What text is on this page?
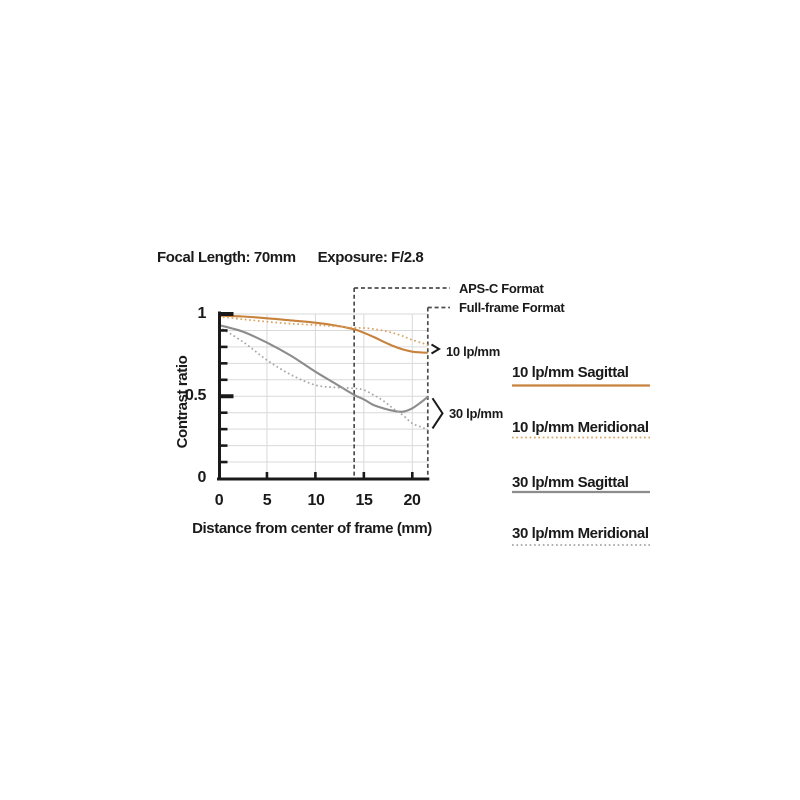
Focal Length: 70mm Exposure: F/2.8
Contrast ratio
Distance from center of frame (mm)
1
0.5
0
0	5	10	15	20
APS-C Format
Full-frame Format
10 lp/mm
30 lp/mm
10 lp/mm Sagittal
10 lp/mm Meridional
30 lp/mm Sagittal
30 lp/mm Meridional
